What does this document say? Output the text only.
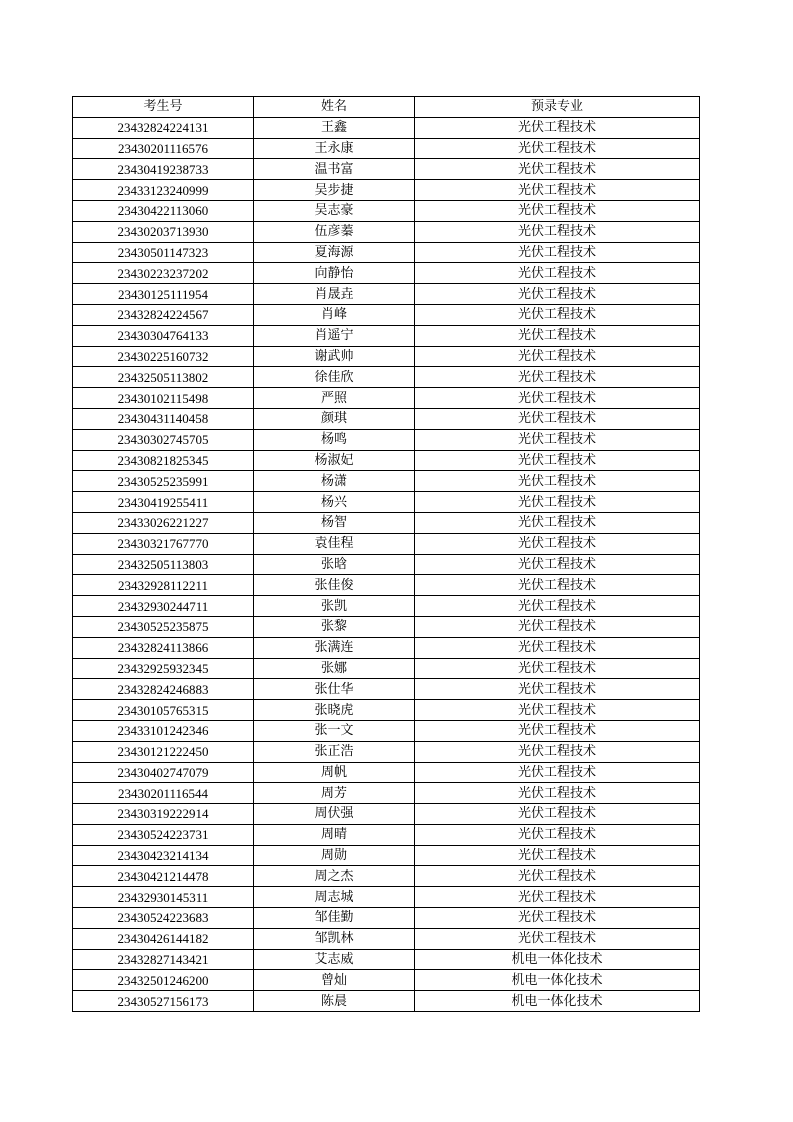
考生号	姓名	预录专业
23432824224131	王鑫	光伏工程技术
23430201116576	王永康	光伏工程技术
23430419238733	温书富	光伏工程技术
23433123240999	吴步捷	光伏工程技术
23430422113060	吴志豪	光伏工程技术
23430203713930	伍彦蓁	光伏工程技术
23430501147323	夏海源	光伏工程技术
23430223237202	向静怡	光伏工程技术
23430125111954	肖晟垚	光伏工程技术
23432824224567	肖峰	光伏工程技术
23430304764133	肖遥宁	光伏工程技术
23430225160732	谢武帅	光伏工程技术
23432505113802	徐佳欣	光伏工程技术
23430102115498	严照	光伏工程技术
23430431140458	颜琪	光伏工程技术
23430302745705	杨鸣	光伏工程技术
23430821825345	杨淑妃	光伏工程技术
23430525235991	杨潇	光伏工程技术
23430419255411	杨兴	光伏工程技术
23433026221227	杨智	光伏工程技术
23430321767770	袁佳程	光伏工程技术
23432505113803	张晗	光伏工程技术
23432928112211	张佳俊	光伏工程技术
23432930244711	张凯	光伏工程技术
23430525235875	张黎	光伏工程技术
23432824113866	张满连	光伏工程技术
23432925932345	张娜	光伏工程技术
23432824246883	张仕华	光伏工程技术
23430105765315	张晓虎	光伏工程技术
23433101242346	张一文	光伏工程技术
23430121222450	张正浩	光伏工程技术
23430402747079	周帆	光伏工程技术
23430201116544	周芳	光伏工程技术
23430319222914	周伏强	光伏工程技术
23430524223731	周晴	光伏工程技术
23430423214134	周勋	光伏工程技术
23430421214478	周之杰	光伏工程技术
23432930145311	周志城	光伏工程技术
23430524223683	邹佳勤	光伏工程技术
23430426144182	邹凯林	光伏工程技术
23432827143421	艾志威	机电一体化技术
23432501246200	曾灿	机电一体化技术
23430527156173	陈晨	机电一体化技术
